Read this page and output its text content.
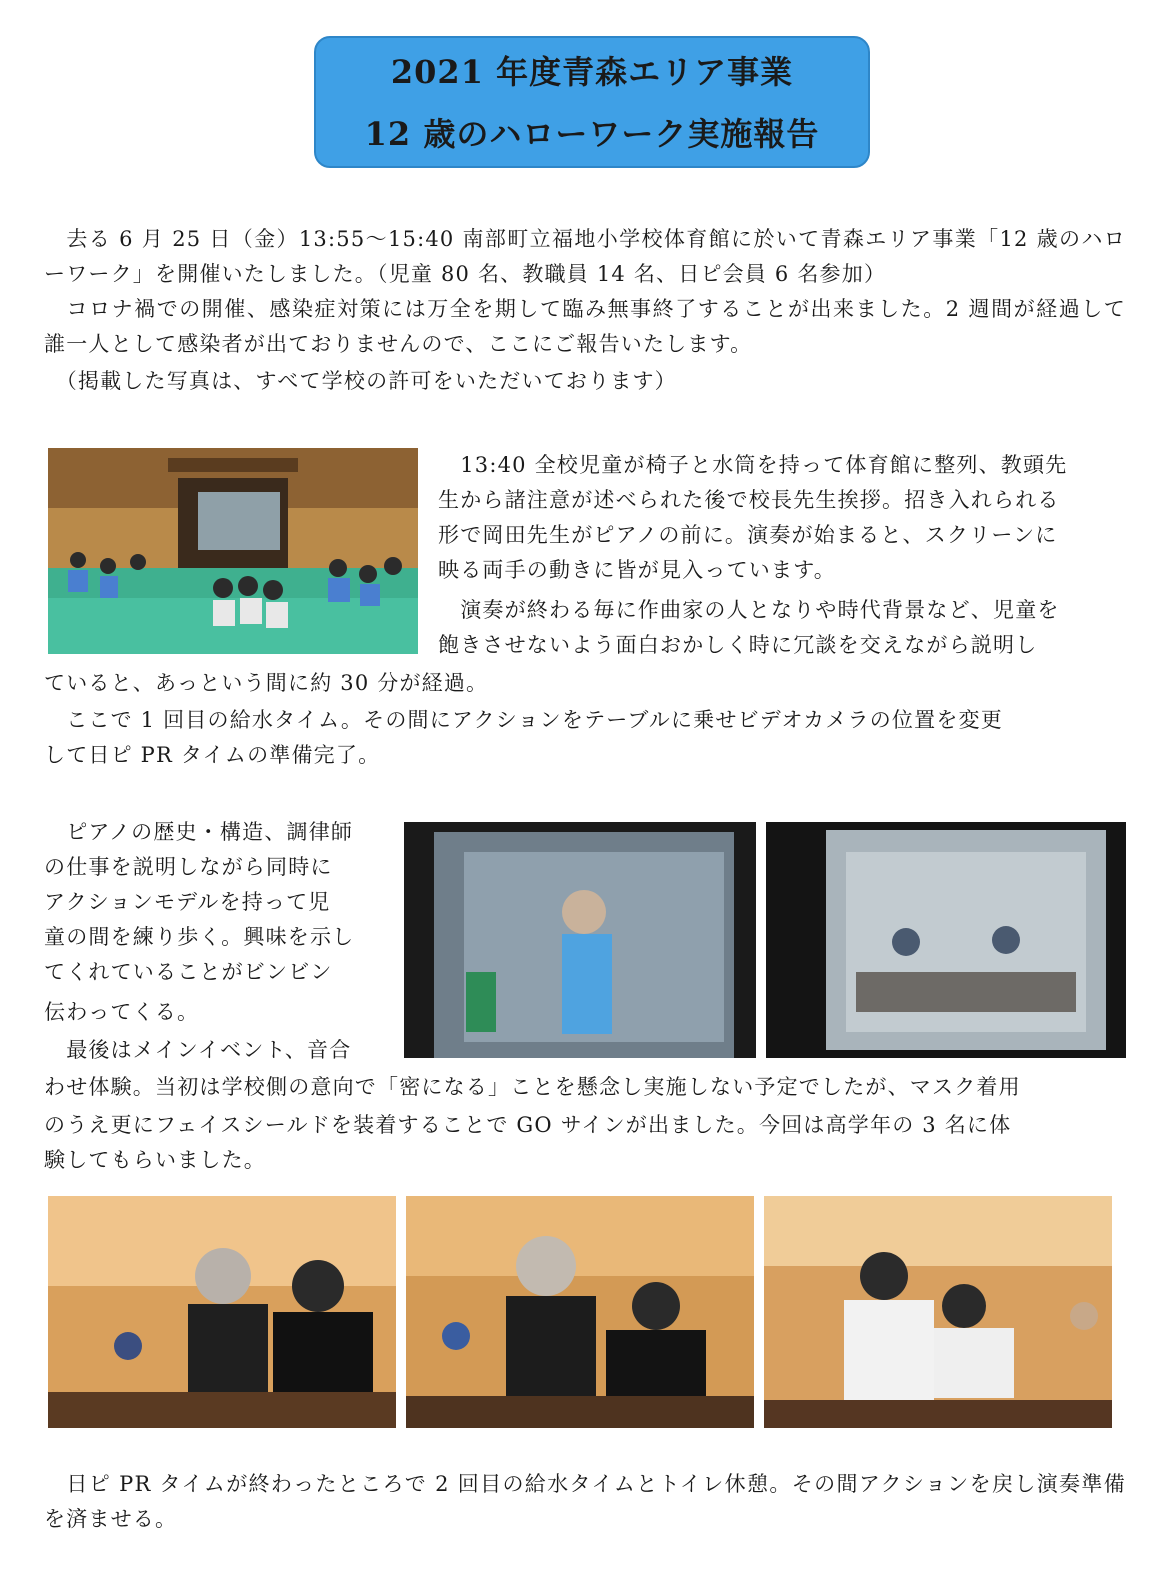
2021 年度青森エリア事業
12 歳のハローワーク実施報告

　去る 6 月 25 日（金）13:55〜15:40 南部町立福地小学校体育館に於いて青森エリア事業「12 歳のハローワーク」を開催いたしました。（児童 80 名、教職員 14 名、日ピ会員 6 名参加）

　コロナ禍での開催、感染症対策には万全を期して臨み無事終了することが出来ました。2 週間が経過して誰一人として感染者が出ておりませんので、ここにご報告いたします。

　（掲載した写真は、すべて学校の許可をいただいております）

　13:40 全校児童が椅子と水筒を持って体育館に整列、教頭先
生から諸注意が述べられた後で校長先生挨拶。招き入れられる
形で岡田先生がピアノの前に。演奏が始まると、スクリーンに
映る両手の動きに皆が見入っています。
　演奏が終わる毎に作曲家の人となりや時代背景など、児童を
飽きさせないよう面白おかしく時に冗談を交えながら説明し
ていると、あっという間に約 30 分が経過。
　ここで 1 回目の給水タイム。その間にアクションをテーブルに乗せビデオカメラの位置を変更
して日ピ PR タイムの準備完了。
　ピアノの歴史・構造、調律師
の仕事を説明しながら同時に
アクションモデルを持って児
童の間を練り歩く。興味を示し
てくれていることがビンビン
伝わってくる。
　最後はメインイベント、音合
わせ体験。当初は学校側の意向で「密になる」ことを懸念し実施しない予定でしたが、マスク着用
のうえ更にフェイスシールドを装着することで GO サインが出ました。今回は高学年の 3 名に体
験してもらいました。

　日ピ PR タイムが終わったところで 2 回目の給水タイムとトイレ休憩。その間アクションを戻し演奏準備を済ませる。
